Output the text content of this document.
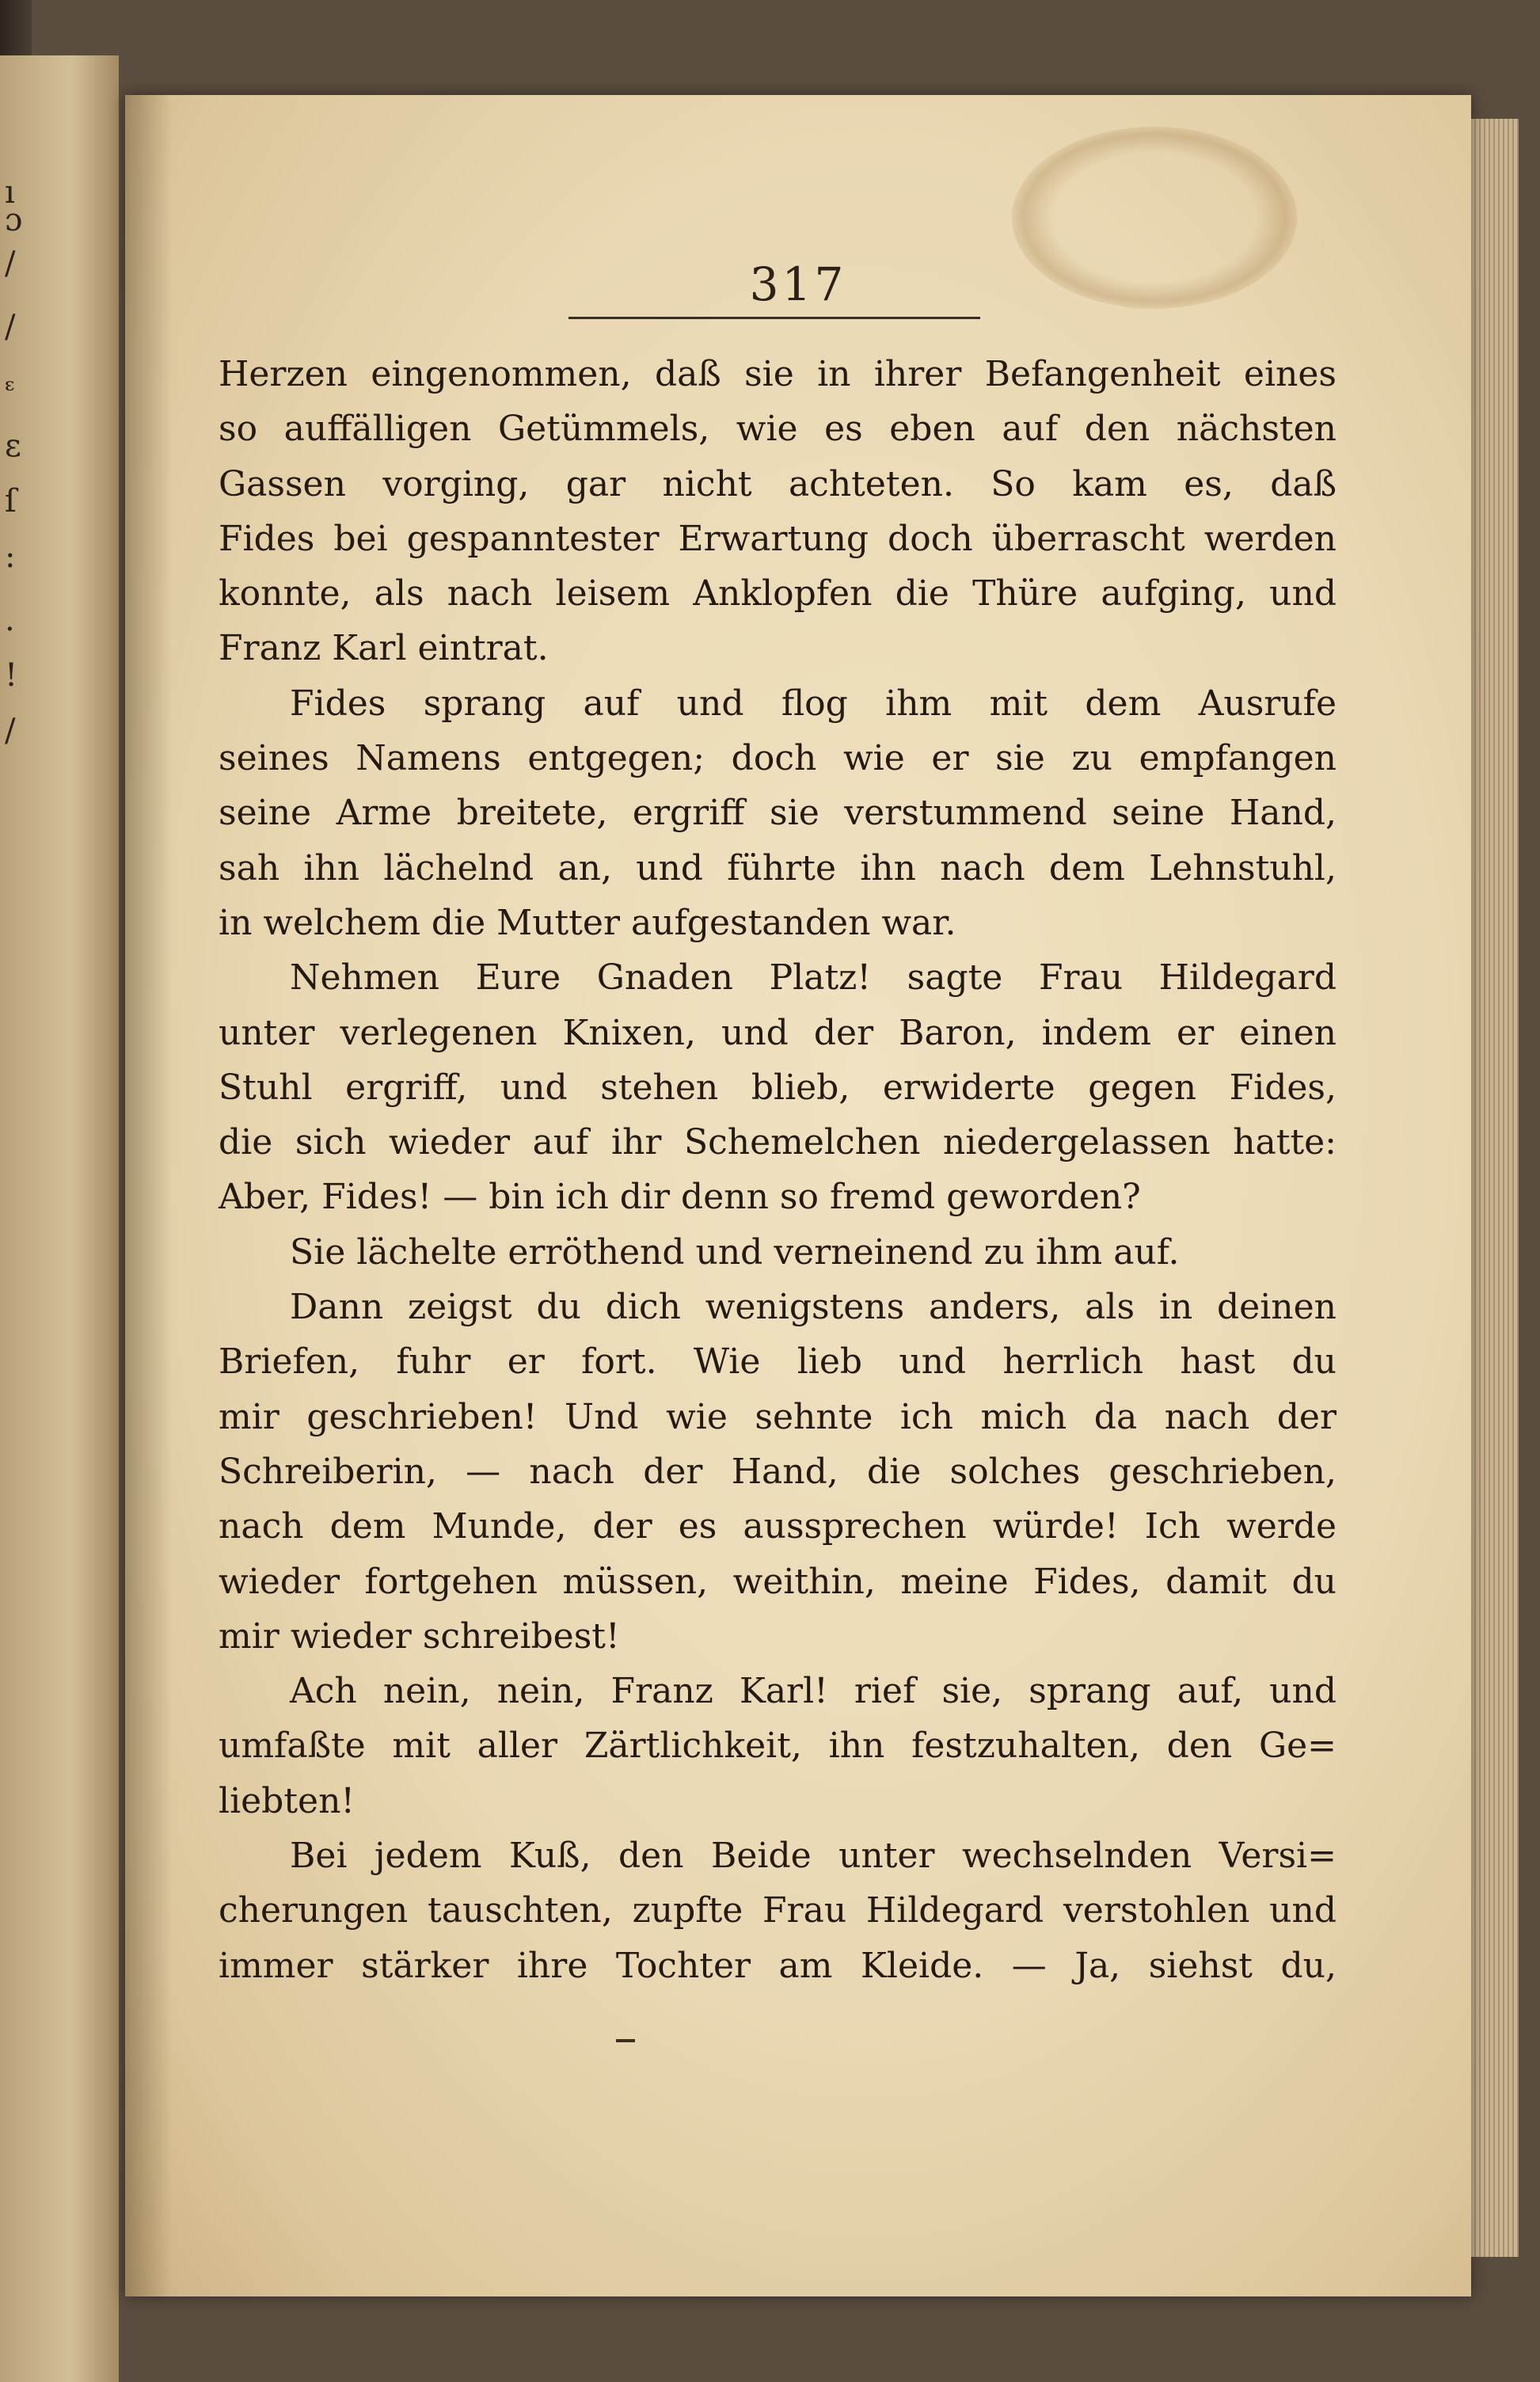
ı
ɔ
/
/
ᵋ
ɛ
ſ
:
.
!
/
317
Herzen eingenommen, daß sie in ihrer Befangenheit eines
so auffälligen Getümmels, wie es eben auf den nächsten
Gassen vorging, gar nicht achteten. So kam es, daß
Fides bei gespanntester Erwartung doch überrascht werden
konnte, als nach leisem Anklopfen die Thüre aufging, und
Franz Karl eintrat.
Fides sprang auf und flog ihm mit dem Ausrufe
seines Namens entgegen; doch wie er sie zu empfangen
seine Arme breitete, ergriff sie verstummend seine Hand,
sah ihn lächelnd an, und führte ihn nach dem Lehnstuhl,
in welchem die Mutter aufgestanden war.
Nehmen Eure Gnaden Platz! sagte Frau Hildegard
unter verlegenen Knixen, und der Baron, indem er einen
Stuhl ergriff, und stehen blieb, erwiderte gegen Fides,
die sich wieder auf ihr Schemelchen niedergelassen hatte:
Aber, Fides! — bin ich dir denn so fremd geworden?
Sie lächelte erröthend und verneinend zu ihm auf.
Dann zeigst du dich wenigstens anders, als in deinen
Briefen, fuhr er fort. Wie lieb und herrlich hast du
mir geschrieben! Und wie sehnte ich mich da nach der
Schreiberin, — nach der Hand, die solches geschrieben,
nach dem Munde, der es aussprechen würde! Ich werde
wieder fortgehen müssen, weithin, meine Fides, damit du
mir wieder schreibest!
Ach nein, nein, Franz Karl! rief sie, sprang auf, und
umfaßte mit aller Zärtlichkeit, ihn festzuhalten, den Ge=
liebten!
Bei jedem Kuß, den Beide unter wechselnden Versi=
cherungen tauschten, zupfte Frau Hildegard verstohlen und
immer stärker ihre Tochter am Kleide. — Ja, siehst du,
